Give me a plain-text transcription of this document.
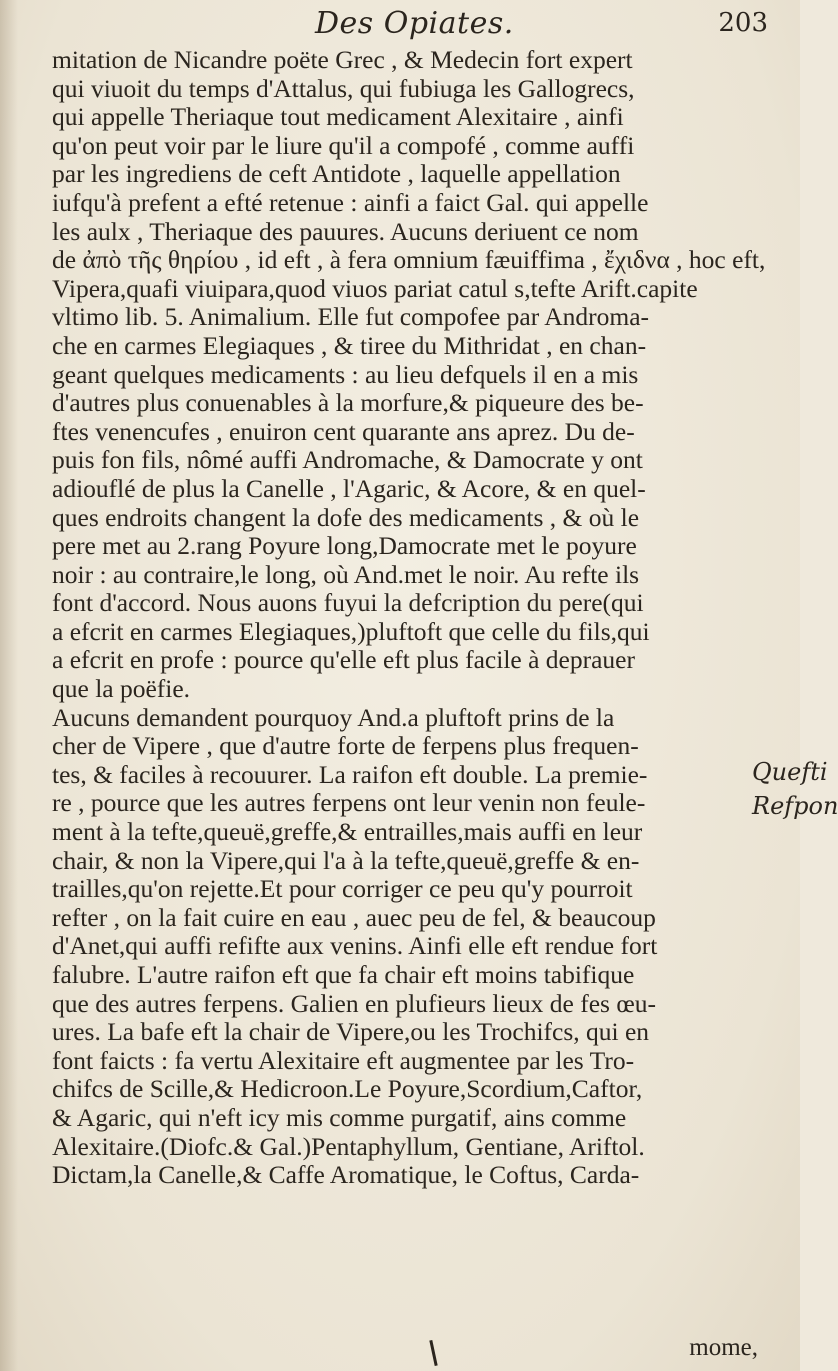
Des Opiates.	203
mitation de Nicandre poëte Grec , & Medecin fort expert
qui viuoit du temps d'Attalus, qui fubiuga les Gallogrecs,
qui appelle Theriaque tout medicament Alexitaire , ainfi
qu'on peut voir par le liure qu'il a compofé , comme auffi
par les ingrediens de ceft Antidote , laquelle appellation
iufqu'à prefent a efté retenue : ainfi a faict Gal. qui appelle
les aulx , Theriaque des pauures. Aucuns deriuent ce nom
de ἀπὸ τῆς θηρίου , id eft , à fera omnium fæuiffima , ἔχιδνα , hoc eft,
Vipera,quafi viuipara,quod viuos pariat catul s,tefte Arift.capite
vltimo lib. 5. Animalium. Elle fut compofee par Androma-
che en carmes Elegiaques , & tiree du Mithridat , en chan-
geant quelques medicaments : au lieu defquels il en a mis
d'autres plus conuenables à la morfure,& piqueure des be-
ftes venencufes , enuiron cent quarante ans aprez. Du de-
puis fon fils, nômé auffi Andromache, & Damocrate y ont
adiouflé de plus la Canelle , l'Agaric, & Acore, & en quel-
ques endroits changent la dofe des medicaments , & où le
pere met au 2.rang Poyure long,Damocrate met le poyure
noir : au contraire,le long, où And.met le noir. Au refte ils
font d'accord. Nous auons fuyui la defcription du pere(qui
a efcrit en carmes Elegiaques,)pluftoft que celle du fils,qui
a efcrit en profe : pource qu'elle eft plus facile à deprauer
que la poëfie.
Aucuns demandent pourquoy And.a pluftoft prins de la
cher de Vipere , que d'autre forte de ferpens plus frequen-
tes, & faciles à recouurer. La raifon eft double. La premie-
re , pource que les autres ferpens ont leur venin non feule-
ment à la tefte,queuë,greffe,& entrailles,mais auffi en leur
chair, & non la Vipere,qui l'a à la tefte,queuë,greffe & en-
trailles,qu'on rejette.Et pour corriger ce peu qu'y pourroit
refter , on la fait cuire en eau , auec peu de fel, & beaucoup
d'Anet,qui auffi refifte aux venins. Ainfi elle eft rendue fort
falubre. L'autre raifon eft que fa chair eft moins tabifique
que des autres ferpens. Galien en plufieurs lieux de fes œu-
ures. La bafe eft la chair de Vipere,ou les Trochifcs, qui en
font faicts : fa vertu Alexitaire eft augmentee par les Tro-
chifcs de Scille,& Hedicroon.Le Poyure,Scordium,Caftor,
& Agaric, qui n'eft icy mis comme purgatif, ains comme
Alexitaire.(Diofc.& Gal.)Pentaphyllum, Gentiane, Ariftol.
Dictam,la Canelle,& Caffe Aromatique, le Coftus, Carda-
Quefti
Refpon
mome,
